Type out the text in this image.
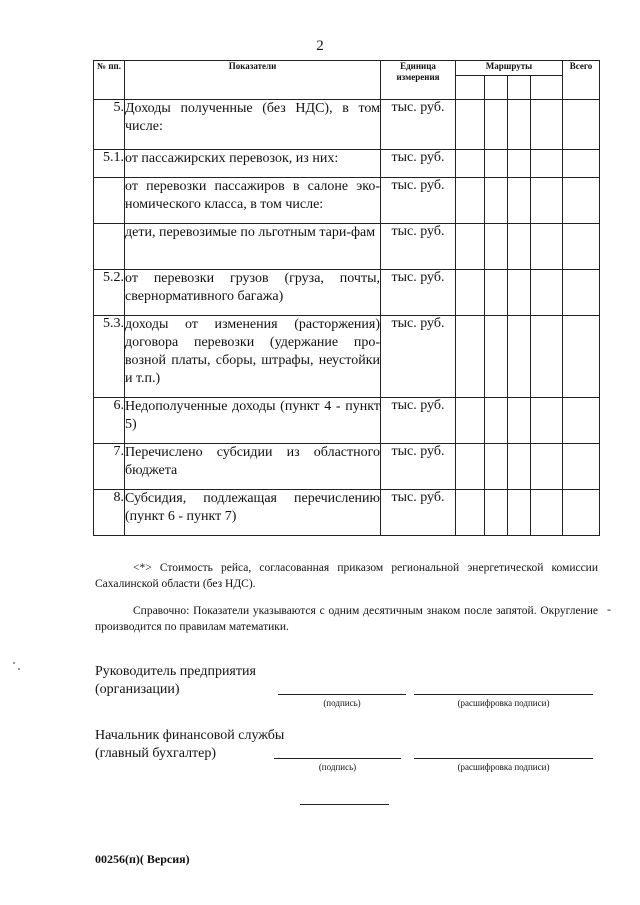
2
№ пп.	Показатели	Единица измерения	Маршруты				Всего

5.	Доходы полученные (без НДС), в том числе:	тыс. руб.					
5.1.	от пассажирских перевозок, из них:	тыс. руб.					
	от перевозки пассажиров в салоне эко-номического класса, в том числе:	тыс. руб.					
	дети, перевозимые по льготным тари-фам	тыс. руб.					
5.2.	от перевозки грузов (груза, почты, свернормативного багажа)	тыс. руб.					
5.3.	доходы от изменения (расторжения) договора перевозки (удержание про-возной платы, сборы, штрафы, неустойки и т.п.)	тыс. руб.					
6.	Недополученные доходы (пункт 4 - пункт 5)	тыс. руб.					
7.	Перечислено субсидии из областного бюджета	тыс. руб.					
8.	Субсидия, подлежащая перечислению (пункт 6 - пункт 7)	тыс. руб.					
<*> Стоимость рейса, согласованная приказом региональной энергетической комиссии Сахалинской области (без НДС).
Справочно: Показатели указываются с одним десятичным знаком после запятой. Округление производится по правилам математики.
-
Руководитель предприятия
(организации)
(подпись)	(расшифровка подписи)
Начальник финансовой службы
(главный бухгалтер)
(подпись)	(расшифровка подписи)
00256(п)( Версия)
